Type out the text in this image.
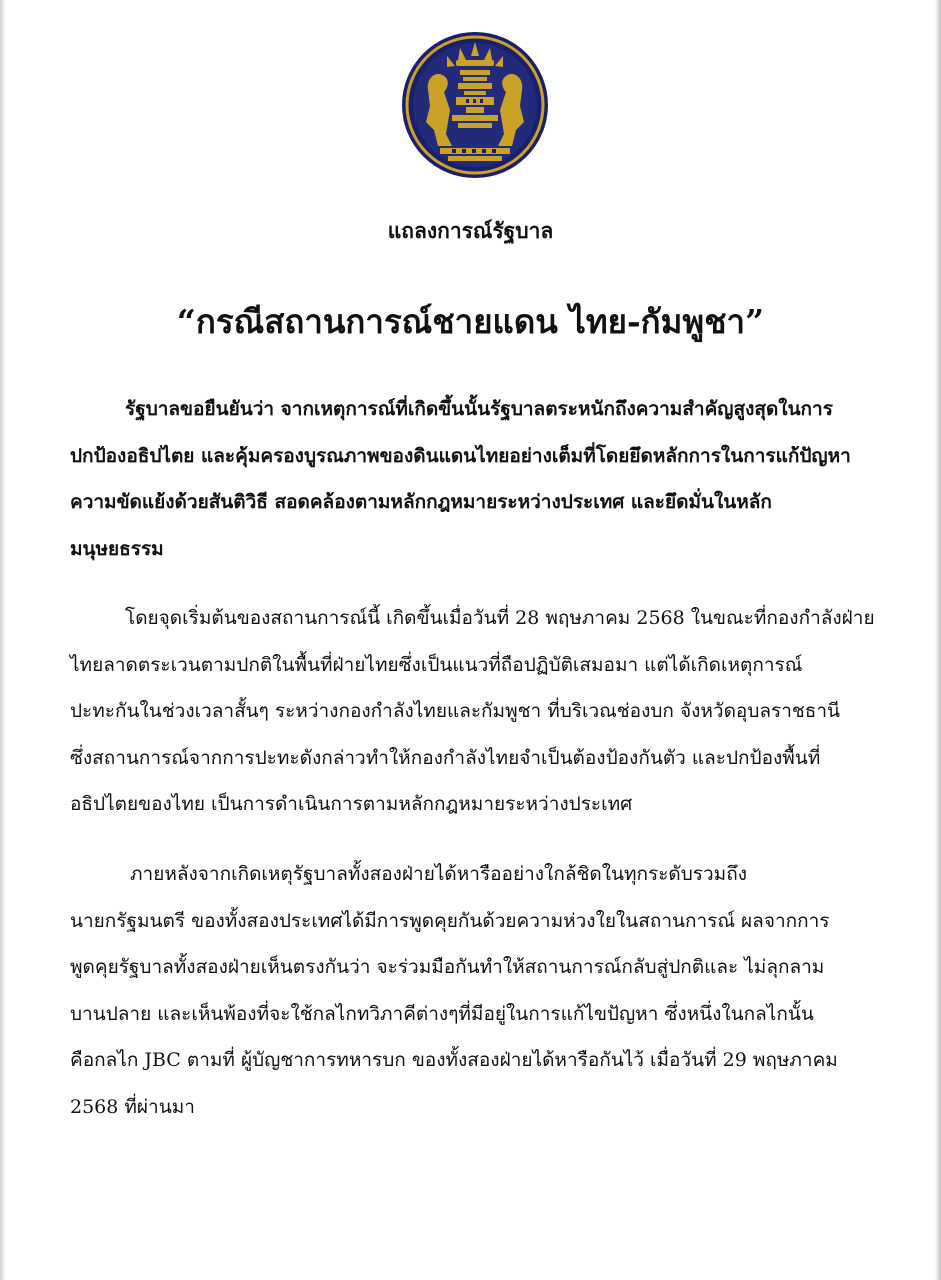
แถลงการณ์รัฐบาล
“กรณีสถานการณ์ชายแดน ไทย-กัมพูชา”
รัฐบาลขอยืนยันว่า จากเหตุการณ์ที่เกิดขึ้นนั้นรัฐบาลตระหนักถึงความสำคัญสูงสุดในการ
ปกป้องอธิปไตย และคุ้มครองบูรณภาพของดินแดนไทยอย่างเต็มที่โดยยึดหลักการในการแก้ปัญหา
ความขัดแย้งด้วยสันติวิธี สอดคล้องตามหลักกฎหมายระหว่างประเทศ และยึดมั่นในหลัก
มนุษยธรรม
โดยจุดเริ่มต้นของสถานการณ์นี้ เกิดขึ้นเมื่อวันที่ 28 พฤษภาคม 2568 ในขณะที่กองกำลังฝ่าย
ไทยลาดตระเวนตามปกติในพื้นที่ฝ่ายไทยซึ่งเป็นแนวที่ถือปฏิบัติเสมอมา แต่ได้เกิดเหตุการณ์
ปะทะกันในช่วงเวลาสั้นๆ ระหว่างกองกำลังไทยและกัมพูชา ที่บริเวณช่องบก จังหวัดอุบลราชธานี
ซึ่งสถานการณ์จากการปะทะดังกล่าวทำให้กองกำลังไทยจำเป็นต้องป้องกันตัว และปกป้องพื้นที่
อธิปไตยของไทย เป็นการดำเนินการตามหลักกฎหมายระหว่างประเทศ
ภายหลังจากเกิดเหตุรัฐบาลทั้งสองฝ่ายได้หารืออย่างใกล้ชิดในทุกระดับรวมถึง
นายกรัฐมนตรี ของทั้งสองประเทศได้มีการพูดคุยกันด้วยความห่วงใยในสถานการณ์ ผลจากการ
พูดคุยรัฐบาลทั้งสองฝ่ายเห็นตรงกันว่า จะร่วมมือกันทำให้สถานการณ์กลับสู่ปกติและ ไม่ลุกลาม
บานปลาย และเห็นพ้องที่จะใช้กลไกทวิภาคีต่างๆที่มีอยู่ในการแก้ไขปัญหา ซึ่งหนึ่งในกลไกนั้น
คือกลไก JBC ตามที่ ผู้บัญชาการทหารบก ของทั้งสองฝ่ายได้หารือกันไว้ เมื่อวันที่ 29 พฤษภาคม
2568 ที่ผ่านมา
